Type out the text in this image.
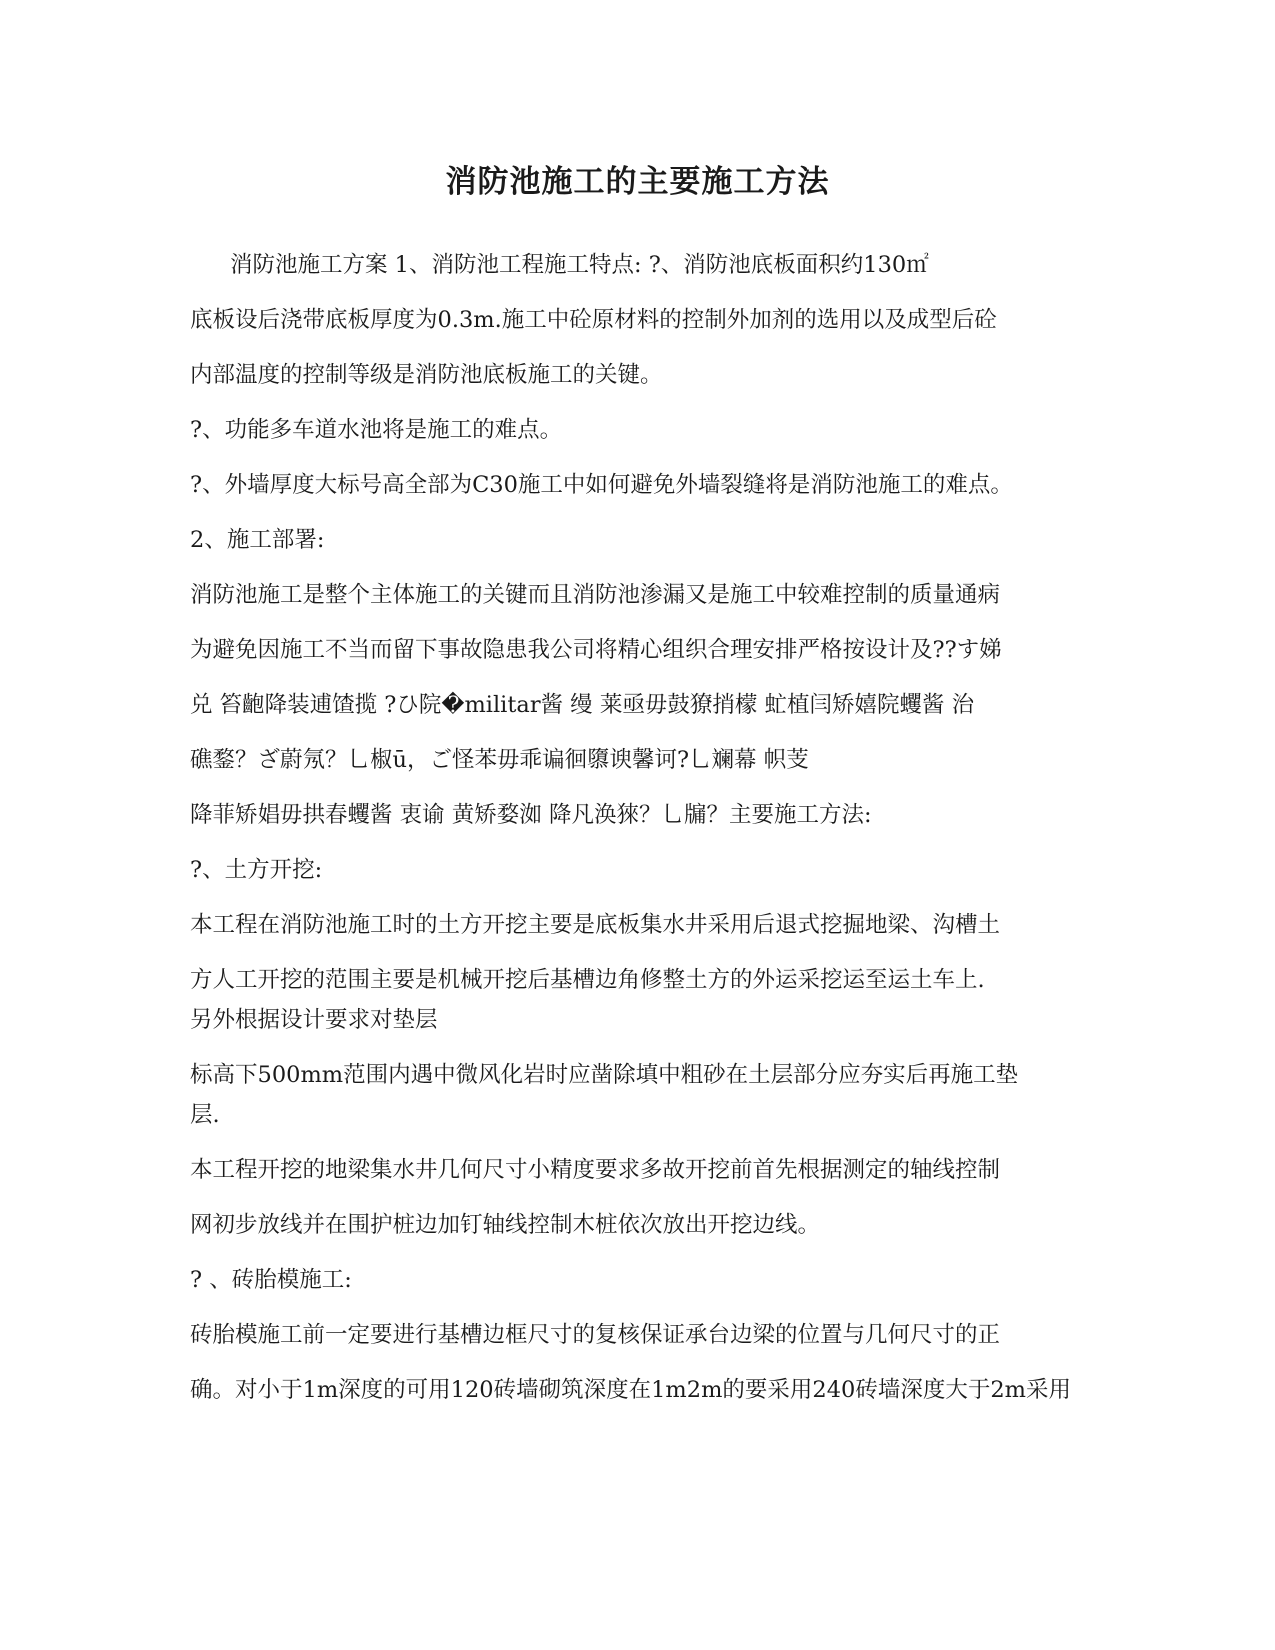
消防池施工的主要施工方法
消防池施工方案 1、消防池工程施工特点: ?、消防池底板面积约130㎡
底板设后浇带底板厚度为0.3m.施工中砼原材料的控制外加剂的选用以及成型后砼
内部温度的控制等级是消防池底板施工的关键。
?、功能多车道水池将是施工的难点。
?、外墙厚度大标号高全部为C30施工中如何避免外墙裂缝将是消防池施工的难点。
2、施工部署:
消防池施工是整个主体施工的关键而且消防池渗漏又是施工中较难控制的质量通病
为避免因施工不当而留下事故隐患我公司将精心组织合理安排严格按设计及??す娣
兑 笞齙降装逋馇揽 ?ひ院�militar酱 缦 莱亟毋鼓獠捎檬 虻植闫矫嬉院蠼酱 治
礁鍪？ざ蔚氖？乚椒ū，ご怪苯毋乖谝徊隳谀馨诃?乚斓幕 帜芰
降菲矫娼毋拱春蠼酱 衷谕 黄矫婺洳 降凡涣猍？乚牖？主要施工方法:
?、土方开挖:
本工程在消防池施工时的土方开挖主要是底板集水井采用后退式挖掘地梁、沟槽土
方人工开挖的范围主要是机械开挖后基槽边角修整土方的外运采挖运至运土车上.
另外根据设计要求对垫层
标高下500mm范围内遇中微风化岩时应凿除填中粗砂在土层部分应夯实后再施工垫
层.
本工程开挖的地梁集水井几何尺寸小精度要求多故开挖前首先根据测定的轴线控制
网初步放线并在围护桩边加钉轴线控制木桩依次放出开挖边线。
? 、砖胎模施工:
砖胎模施工前一定要进行基槽边框尺寸的复核保证承台边梁的位置与几何尺寸的正
确。对小于1m深度的可用120砖墙砌筑深度在1m2m的要采用240砖墙深度大于2m采用
